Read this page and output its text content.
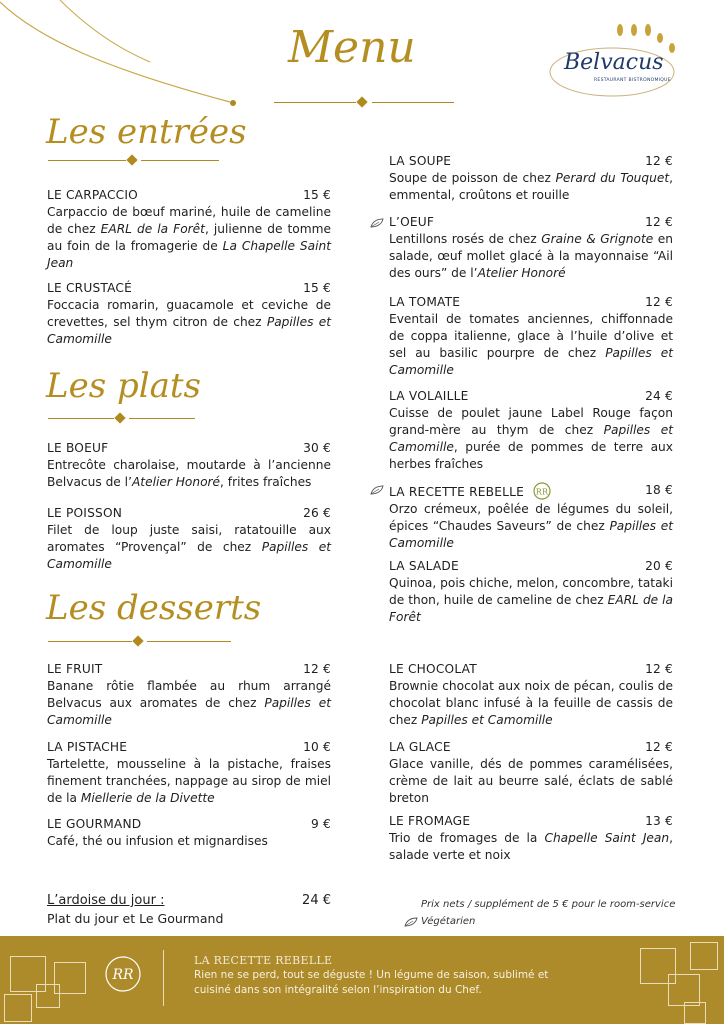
Menu	Belvacus
RESTAURANT BISTRONOMIQUE
Les entrées
Les plats
Les desserts
LE CARPACCIO	15 €
Carpaccio de bœuf mariné, huile de cameline de chez EARL de la Forêt, julienne de tomme au foin de la fromagerie de La Chapelle Saint Jean
LE CRUSTACÉ	15 €
Foccacia romarin, guacamole et ceviche de crevettes, sel thym citron de chez Papilles et Camomille
LE BOEUF	30 €
Entrecôte charolaise, moutarde à l’ancienne Belvacus de l’Atelier Honoré, frites fraîches
LE POISSON	26 €
Filet de loup juste saisi, ratatouille aux aromates “Provençal” de chez Papilles et Camomille
LE FRUIT	12 €
Banane rôtie flambée au rhum arrangé Belvacus aux aromates de chez Papilles et Camomille
LA PISTACHE	10 €
Tartelette, mousseline à la pistache, fraises finement tranchées, nappage au sirop de miel de la Miellerie de la Divette
LE GOURMAND	9 €
Café, thé ou infusion et mignardises
LA SOUPE	12 €
Soupe de poisson de chez Perard du Touquet, emmental, croûtons et rouille
L’OEUF	12 €
Lentillons rosés de chez Graine & Grignote en salade, œuf mollet glacé à la mayonnaise “Ail des ours” de l’Atelier Honoré
LA TOMATE	12 €
Eventail de tomates anciennes, chiffonnade de coppa italienne, glace à l’huile d’olive et sel au basilic pourpre de chez Papilles et Camomille
LA VOLAILLE	24 €
Cuisse de poulet jaune Label Rouge façon grand-mère au thym de chez Papilles et Camomille, purée de pommes de terre aux herbes fraîches
LA RECETTE REBELLE RR	18 €
Orzo crémeux, poêlée de légumes du soleil, épices “Chaudes Saveurs” de chez Papilles et Camomille
LA SALADE	20 €
Quinoa, pois chiche, melon, concombre, tataki de thon, huile de cameline de chez EARL de la Forêt
LE CHOCOLAT	12 €
Brownie chocolat aux noix de pécan, coulis de chocolat blanc infusé à la feuille de cassis de chez Papilles et Camomille
LA GLACE	12 €
Glace vanille, dés de pommes caramélisées, crème de lait au beurre salé, éclats de sablé breton
LE FROMAGE	13 €
Trio de fromages de la Chapelle Saint Jean, salade verte et noix
L’ardoise du jour :	24 €
Plat du jour et Le Gourmand
Prix nets / supplément de 5 € pour le room-service
Végétarien
RR
LA RECETTE REBELLE
Rien ne se perd, tout se déguste ! Un légume de saison, sublimé et cuisiné dans son intégralité selon l’inspiration du Chef.
